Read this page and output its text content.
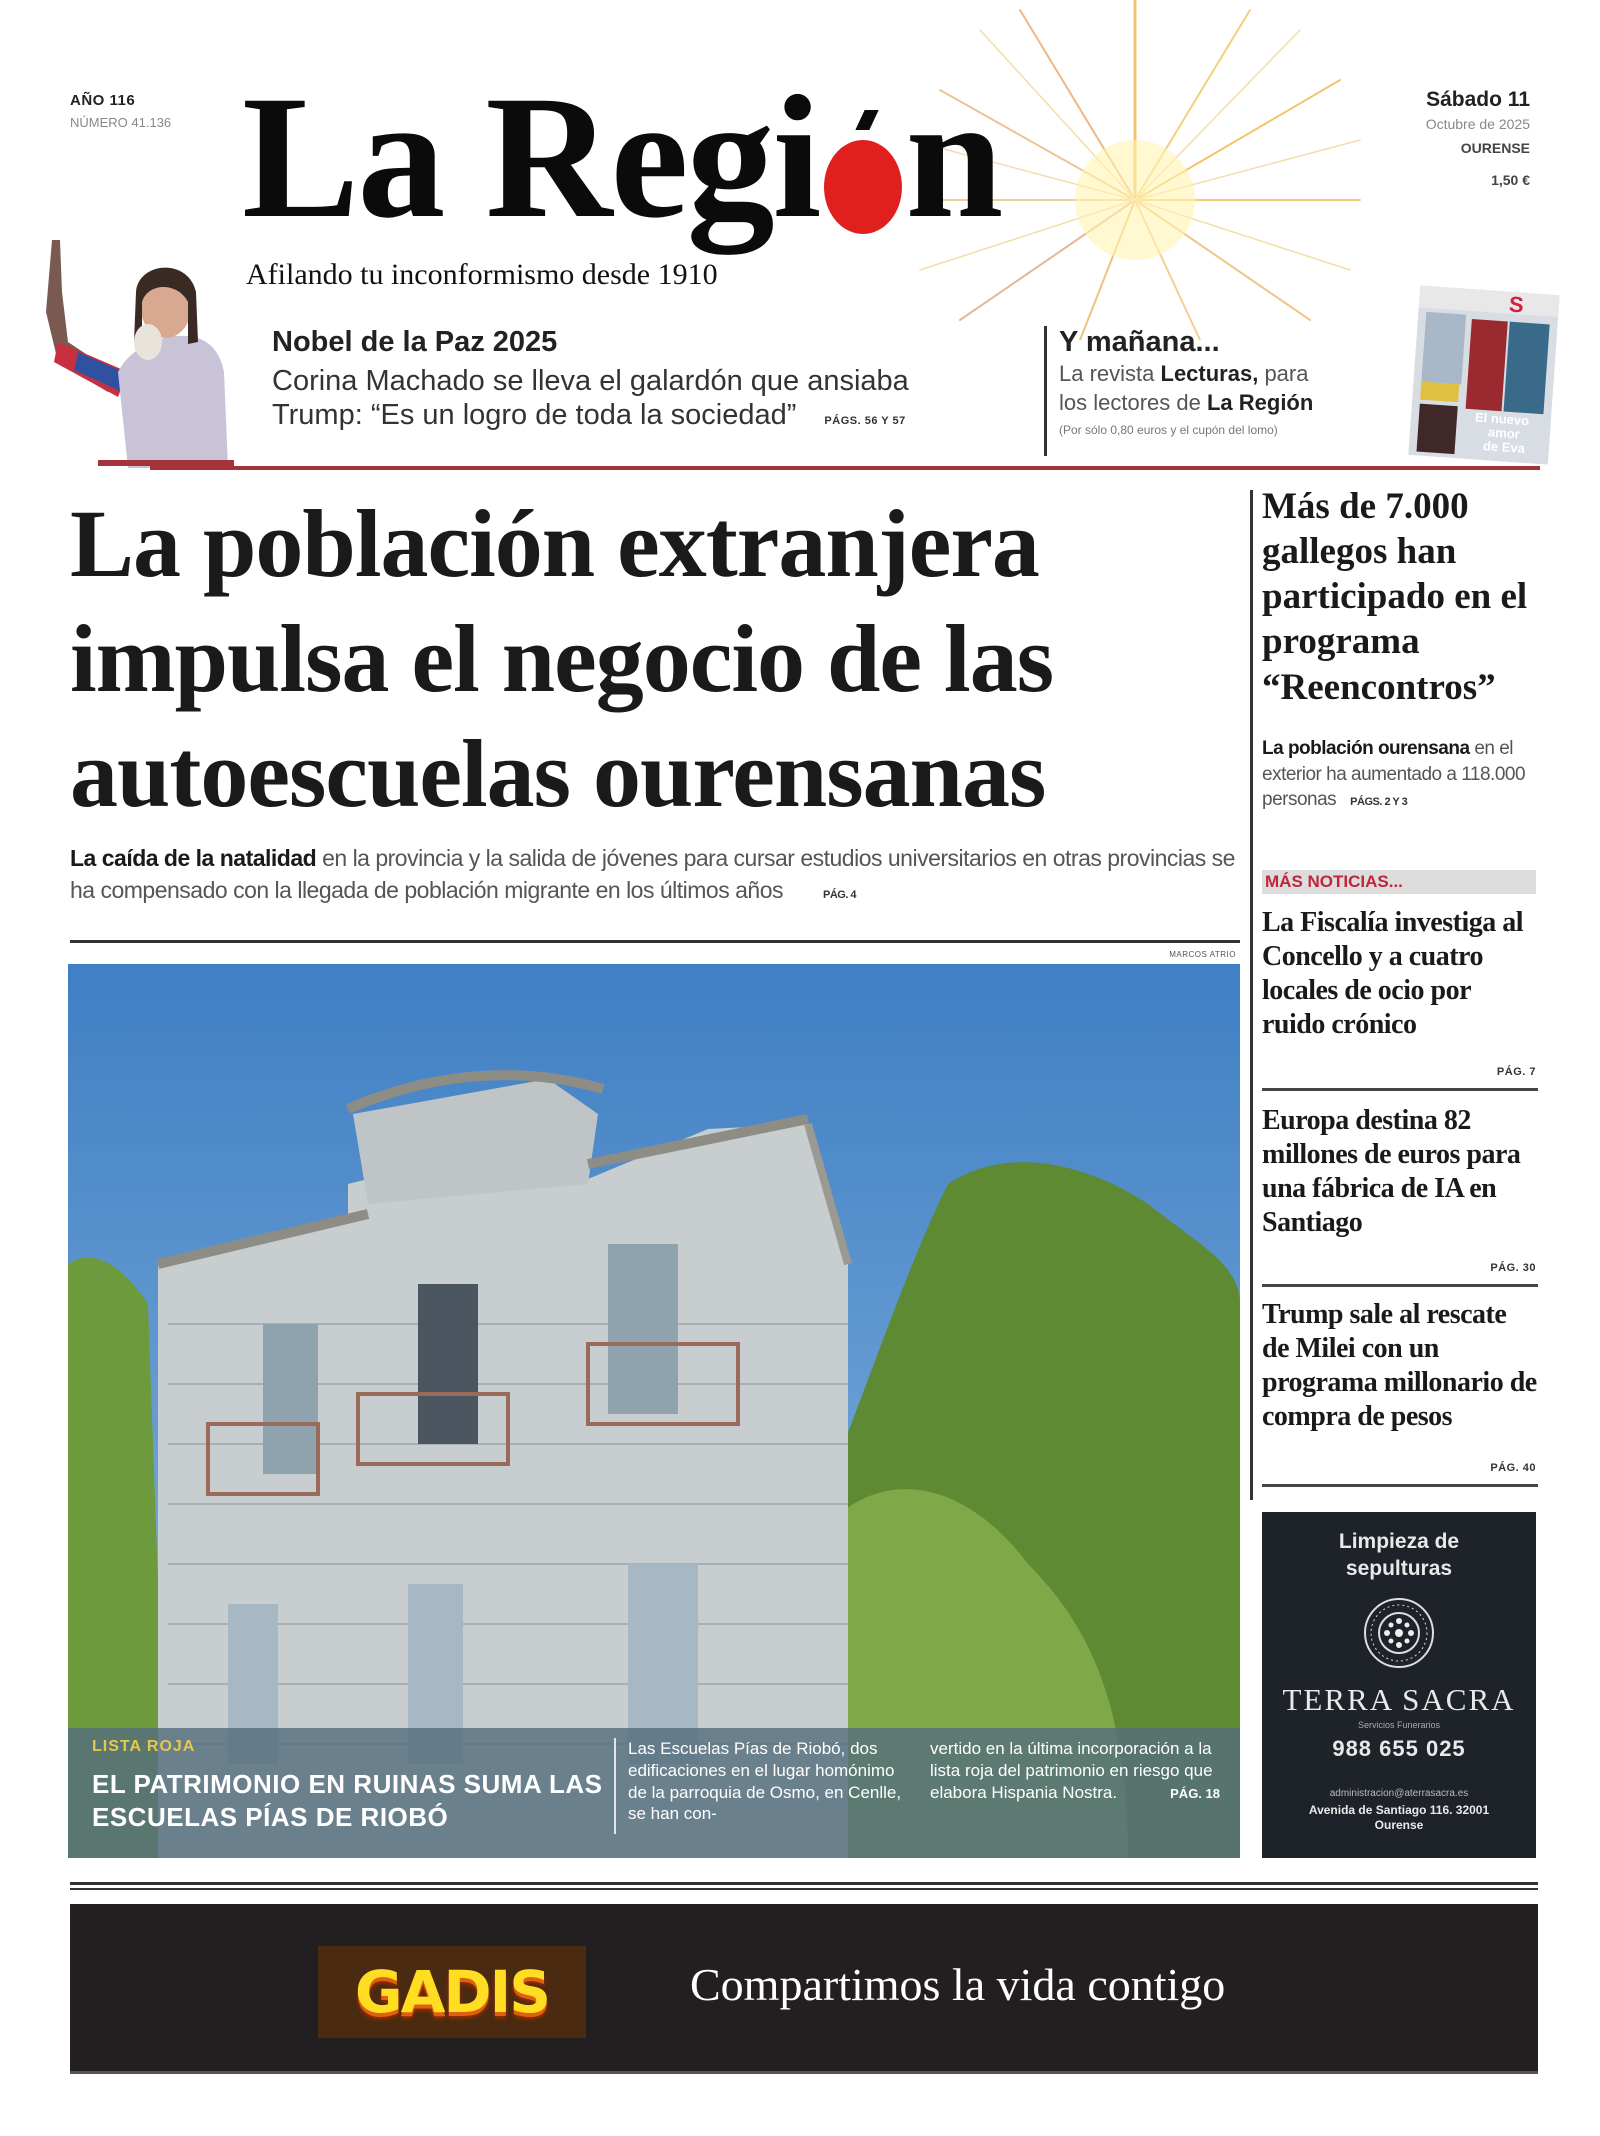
AÑO 116
NÚMERO 41.136 La Regi n
Afilando tu inconformismo desde 1910
Sábado 11
Octubre de 2025
OURENSE
1,50 €
Nobel de la Paz 2025
Corina Machado se lleva el galardón que ansiaba
Trump: “Es un logro de toda la sociedad”	PÁGS. 56 Y 57
Y mañana...
La revista Lecturas, para
los lectores de La Región
(Por sólo 0,80 euros y el cupón del lomo)
S
El nuevo
amor
de Eva
La población extranjera impulsa el negocio de las autoescuelas ourensanas

La caída de la natalidad en la provincia y la salida de jóvenes para cursar estudios universitarios en otras provincias se ha compensado con la llegada de población migrante en los últimos años	PÁG. 4

MARCOS ATRIO
LISTA ROJA
EL PATRIMONIO EN RUINAS SUMA LAS ESCUELAS PÍAS DE RIOBÓ
Las Escuelas Pías de Riobó, dos edificaciones en el lugar homónimo de la parroquia de Osmo, en Cenlle, se han con-
vertido en la última incorporación a la lista roja del patrimonio en riesgo que elabora Hispania Nostra.	PÁG. 18
Más de 7.000 gallegos han participado en el programa “Reencontros”

La población ourensana en el exterior ha aumentado a 118.000 personas PÁGS. 2 Y 3

MÁS NOTICIAS...
La Fiscalía investiga al Concello y a cuatro locales de ocio por ruido crónico
PÁG. 7
Europa destina 82 millones de euros para una fábrica de IA en Santiago
PÁG. 30
Trump sale al rescate de Milei con un programa millonario de compra de pesos
PÁG. 40
Limpieza de
sepulturas
TERRA SACRA
Servicios Funerarios
988 655 025
administracion@aterrasacra.es
Avenida de Santiago 116. 32001
Ourense
GADIS	Compartimos la vida contigo
